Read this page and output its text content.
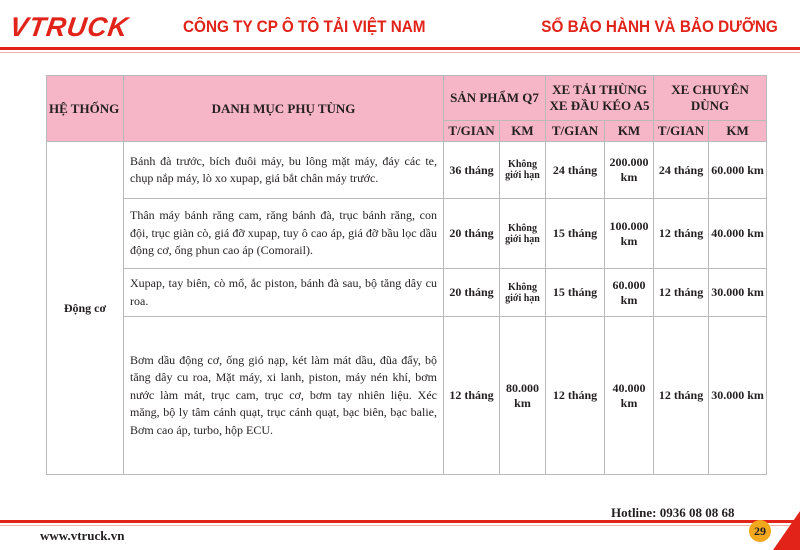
VTRUCK	CÔNG TY CP Ô TÔ TẢI VIỆT NAM	SỔ BẢO HÀNH VÀ BẢO DƯỠNG
HỆ THỐNG	DANH MỤC PHỤ TÙNG	SẢN PHẨM Q7		XE TẢI THÙNG XE ĐẦU KÉO A5		XE CHUYÊN DÙNG	
		T/GIAN	KM	T/GIAN	KM	T/GIAN	KM
Động cơ	Bánh đà trước, bích đuôi máy, bu lông mặt máy, đáy các te, chụp nắp máy, lò xo xupap, giá bắt chân máy trước.	36 tháng	Không giới hạn	24 tháng	200.000 km	24 tháng	60.000 km
	Thân máy bánh răng cam, răng bánh đà, trục bánh răng, con đội, trục giàn cò, giá đỡ xupap, tuy ô cao áp, giá đỡ bầu lọc dầu động cơ, ống phun cao áp (Comorail).	20 tháng	Không giới hạn	15 tháng	100.000 km	12 tháng	40.000 km
	Xupap, tay biên, cò mổ, ắc piston, bánh đà sau, bộ tăng dây cu roa.	20 tháng	Không giới hạn	15 tháng	60.000 km	12 tháng	30.000 km
	Bơm dầu động cơ, ống gió nạp, két làm mát dầu, đũa đẩy, bộ tăng dây cu roa, Mặt máy, xi lanh, piston, máy nén khí, bơm nước làm mát, trục cam, trục cơ, bơm tay nhiên liệu. Xéc măng, bộ ly tâm cánh quạt, trục cánh quạt, bạc biên, bạc balie, Bơm cao áp, turbo, hộp ECU.	12 tháng	80.000 km	12 tháng	40.000 km	12 tháng	30.000 km
Hotline: 0936 08 08 68
www.vtruck.vn	29
